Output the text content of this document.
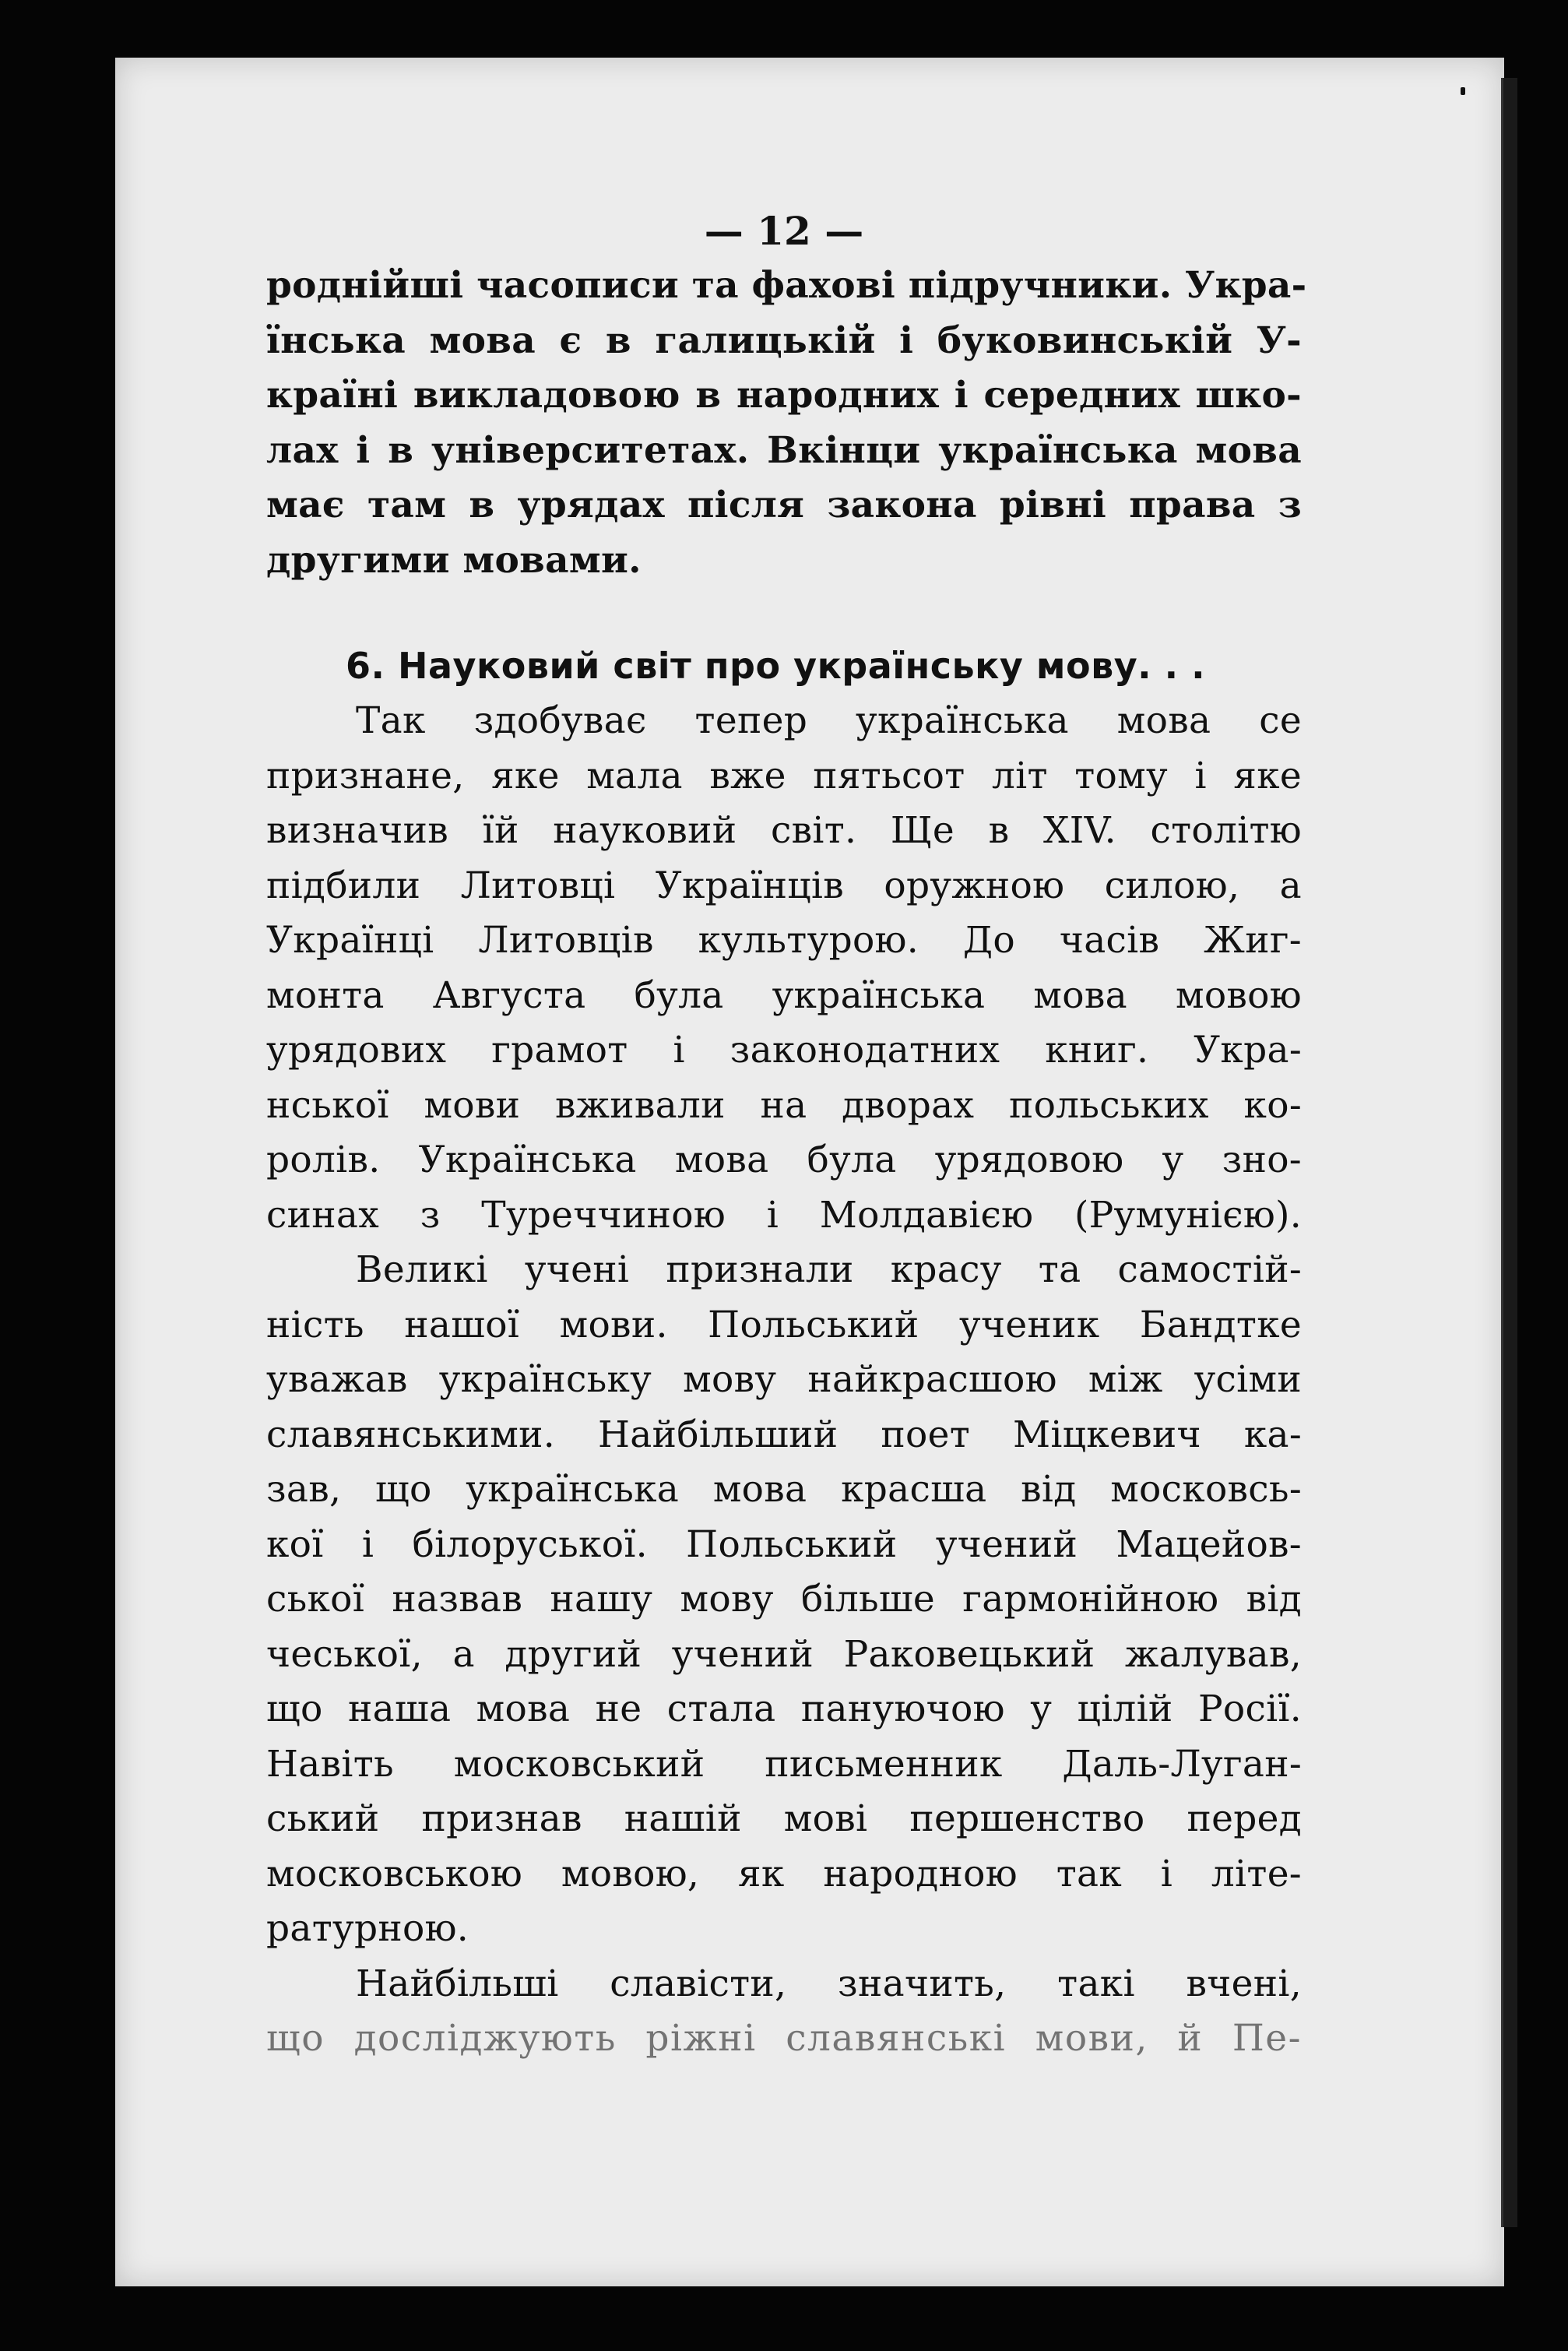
— 12 —
роднійші часописи та фахові підручники. Укра-
їнська мова є в галицькій і буковинській У-
країні викладовою в народних і середних шко-
лах і в університетах. Вкінци українська мова
має там в урядах після закона рівні права з
другими мовами.
6. Науковий світ про українську мову. . .
Так здобуває тепер українська мова се
признане, яке мала вже пятьсот літ тому і яке
визначив їй науковий світ. Ще в XIV. столітю
підбили Литовці Українців оружною силою, а
Українці Литовців культурою. До часів Жиг-
монта Августа була українська мова мовою
урядових грамот і законодатних книг. Укра-
нської мови вживали на дворах польських ко-
ролів. Українська мова була урядовою у зно-
синах з Туреччиною і Молдавією (Румунією).
Великі учені признали красу та самостій-
ність нашої мови. Польський ученик Бандтке
уважав українську мову найкрасшою між усіми
славянськими. Найбільший поет Міцкевич ка-
зав, що українська мова красша від московсь-
кої і білоруської. Польський учений Мацейов-
ської назвав нашу мову більше гармонійною від
чеської, а другий учений Раковецький жалував,
що наша мова не стала пануючою у цілій Росії.
Навіть московський письменник Даль-Луган-
ський признав нашій мові першенство перед
московською мовою, як народною так і літе-
ратурною.
Найбільші славісти, значить, такі вчені,
що досліджують ріжні славянські мови, й Пе-
